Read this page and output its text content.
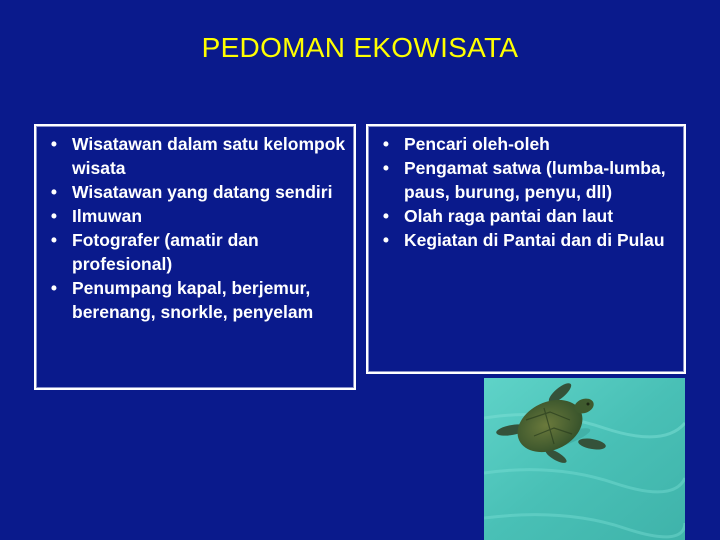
PEDOMAN EKOWISATA
• Wisatawan dalam satu kelompok wisata
• Wisatawan yang datang sendiri
• Ilmuwan
• Fotografer (amatir dan profesional)
• Penumpang kapal, berjemur, berenang, snorkle, penyelam
• Pencari oleh-oleh
• Pengamat satwa (lumba-lumba, paus, burung, penyu, dll)
• Olah raga pantai dan laut
• Kegiatan di Pantai dan di Pulau
